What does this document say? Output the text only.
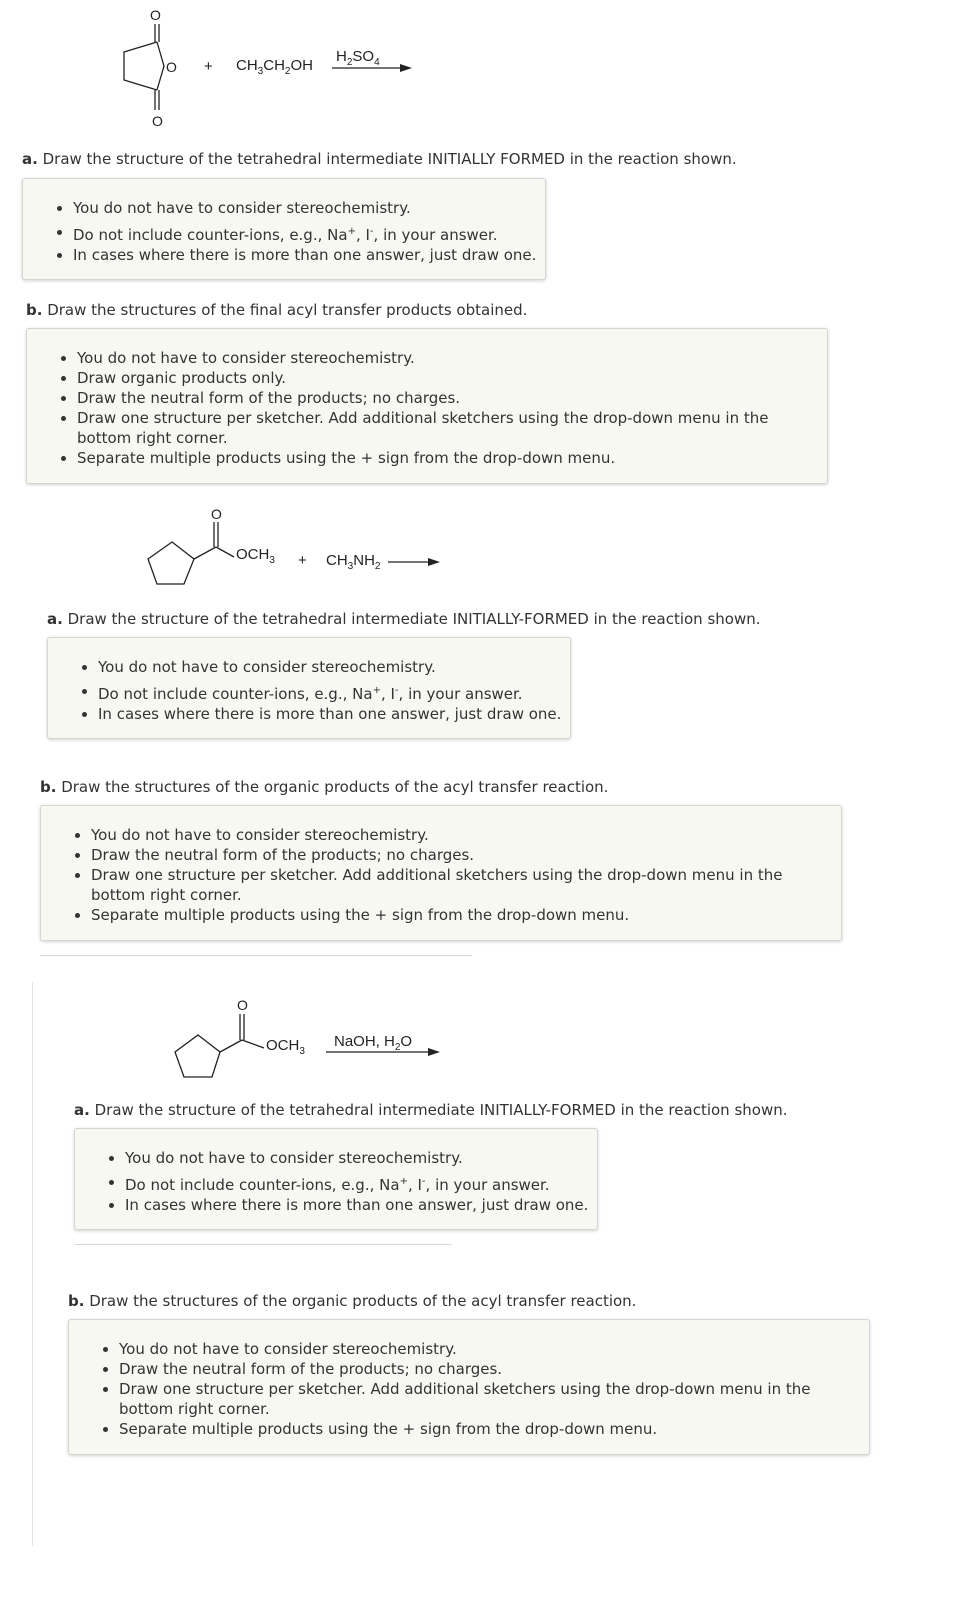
O
O
O
+ $CH_3CH_2OH$
$H_2SO_4$
a. Draw the structure of the tetrahedral intermediate INITIALLY FORMED in the reaction shown.
You do not have to consider stereochemistry.
Do not include counter-ions, e.g., Na+, I-, in your answer.
In cases where there is more than one answer, just draw one.
b. Draw the structures of the final acyl transfer products obtained.
You do not have to consider stereochemistry.
Draw organic products only.
Draw the neutral form of the products; no charges.
Draw one structure per sketcher. Add additional sketchers using the drop-down menu in the bottom right corner.
Separate multiple products using the + sign from the drop-down menu.
O
$OCH_3 + CH_3NH_2$
a. Draw the structure of the tetrahedral intermediate INITIALLY-FORMED in the reaction shown.
You do not have to consider stereochemistry.
Do not include counter-ions, e.g., Na+, I-, in your answer.
In cases where there is more than one answer, just draw one.
b. Draw the structures of the organic products of the acyl transfer reaction.
You do not have to consider stereochemistry.
Draw the neutral form of the products; no charges.
Draw one structure per sketcher. Add additional sketchers using the drop-down menu in the bottom right corner.
Separate multiple products using the + sign from the drop-down menu.
O
$OCH_3$
NaOH, $H_2O$
a. Draw the structure of the tetrahedral intermediate INITIALLY-FORMED in the reaction shown.
You do not have to consider stereochemistry.
Do not include counter-ions, e.g., Na+, I-, in your answer.
In cases where there is more than one answer, just draw one.
b. Draw the structures of the organic products of the acyl transfer reaction.
You do not have to consider stereochemistry.
Draw the neutral form of the products; no charges.
Draw one structure per sketcher. Add additional sketchers using the drop-down menu in the bottom right corner.
Separate multiple products using the + sign from the drop-down menu.
